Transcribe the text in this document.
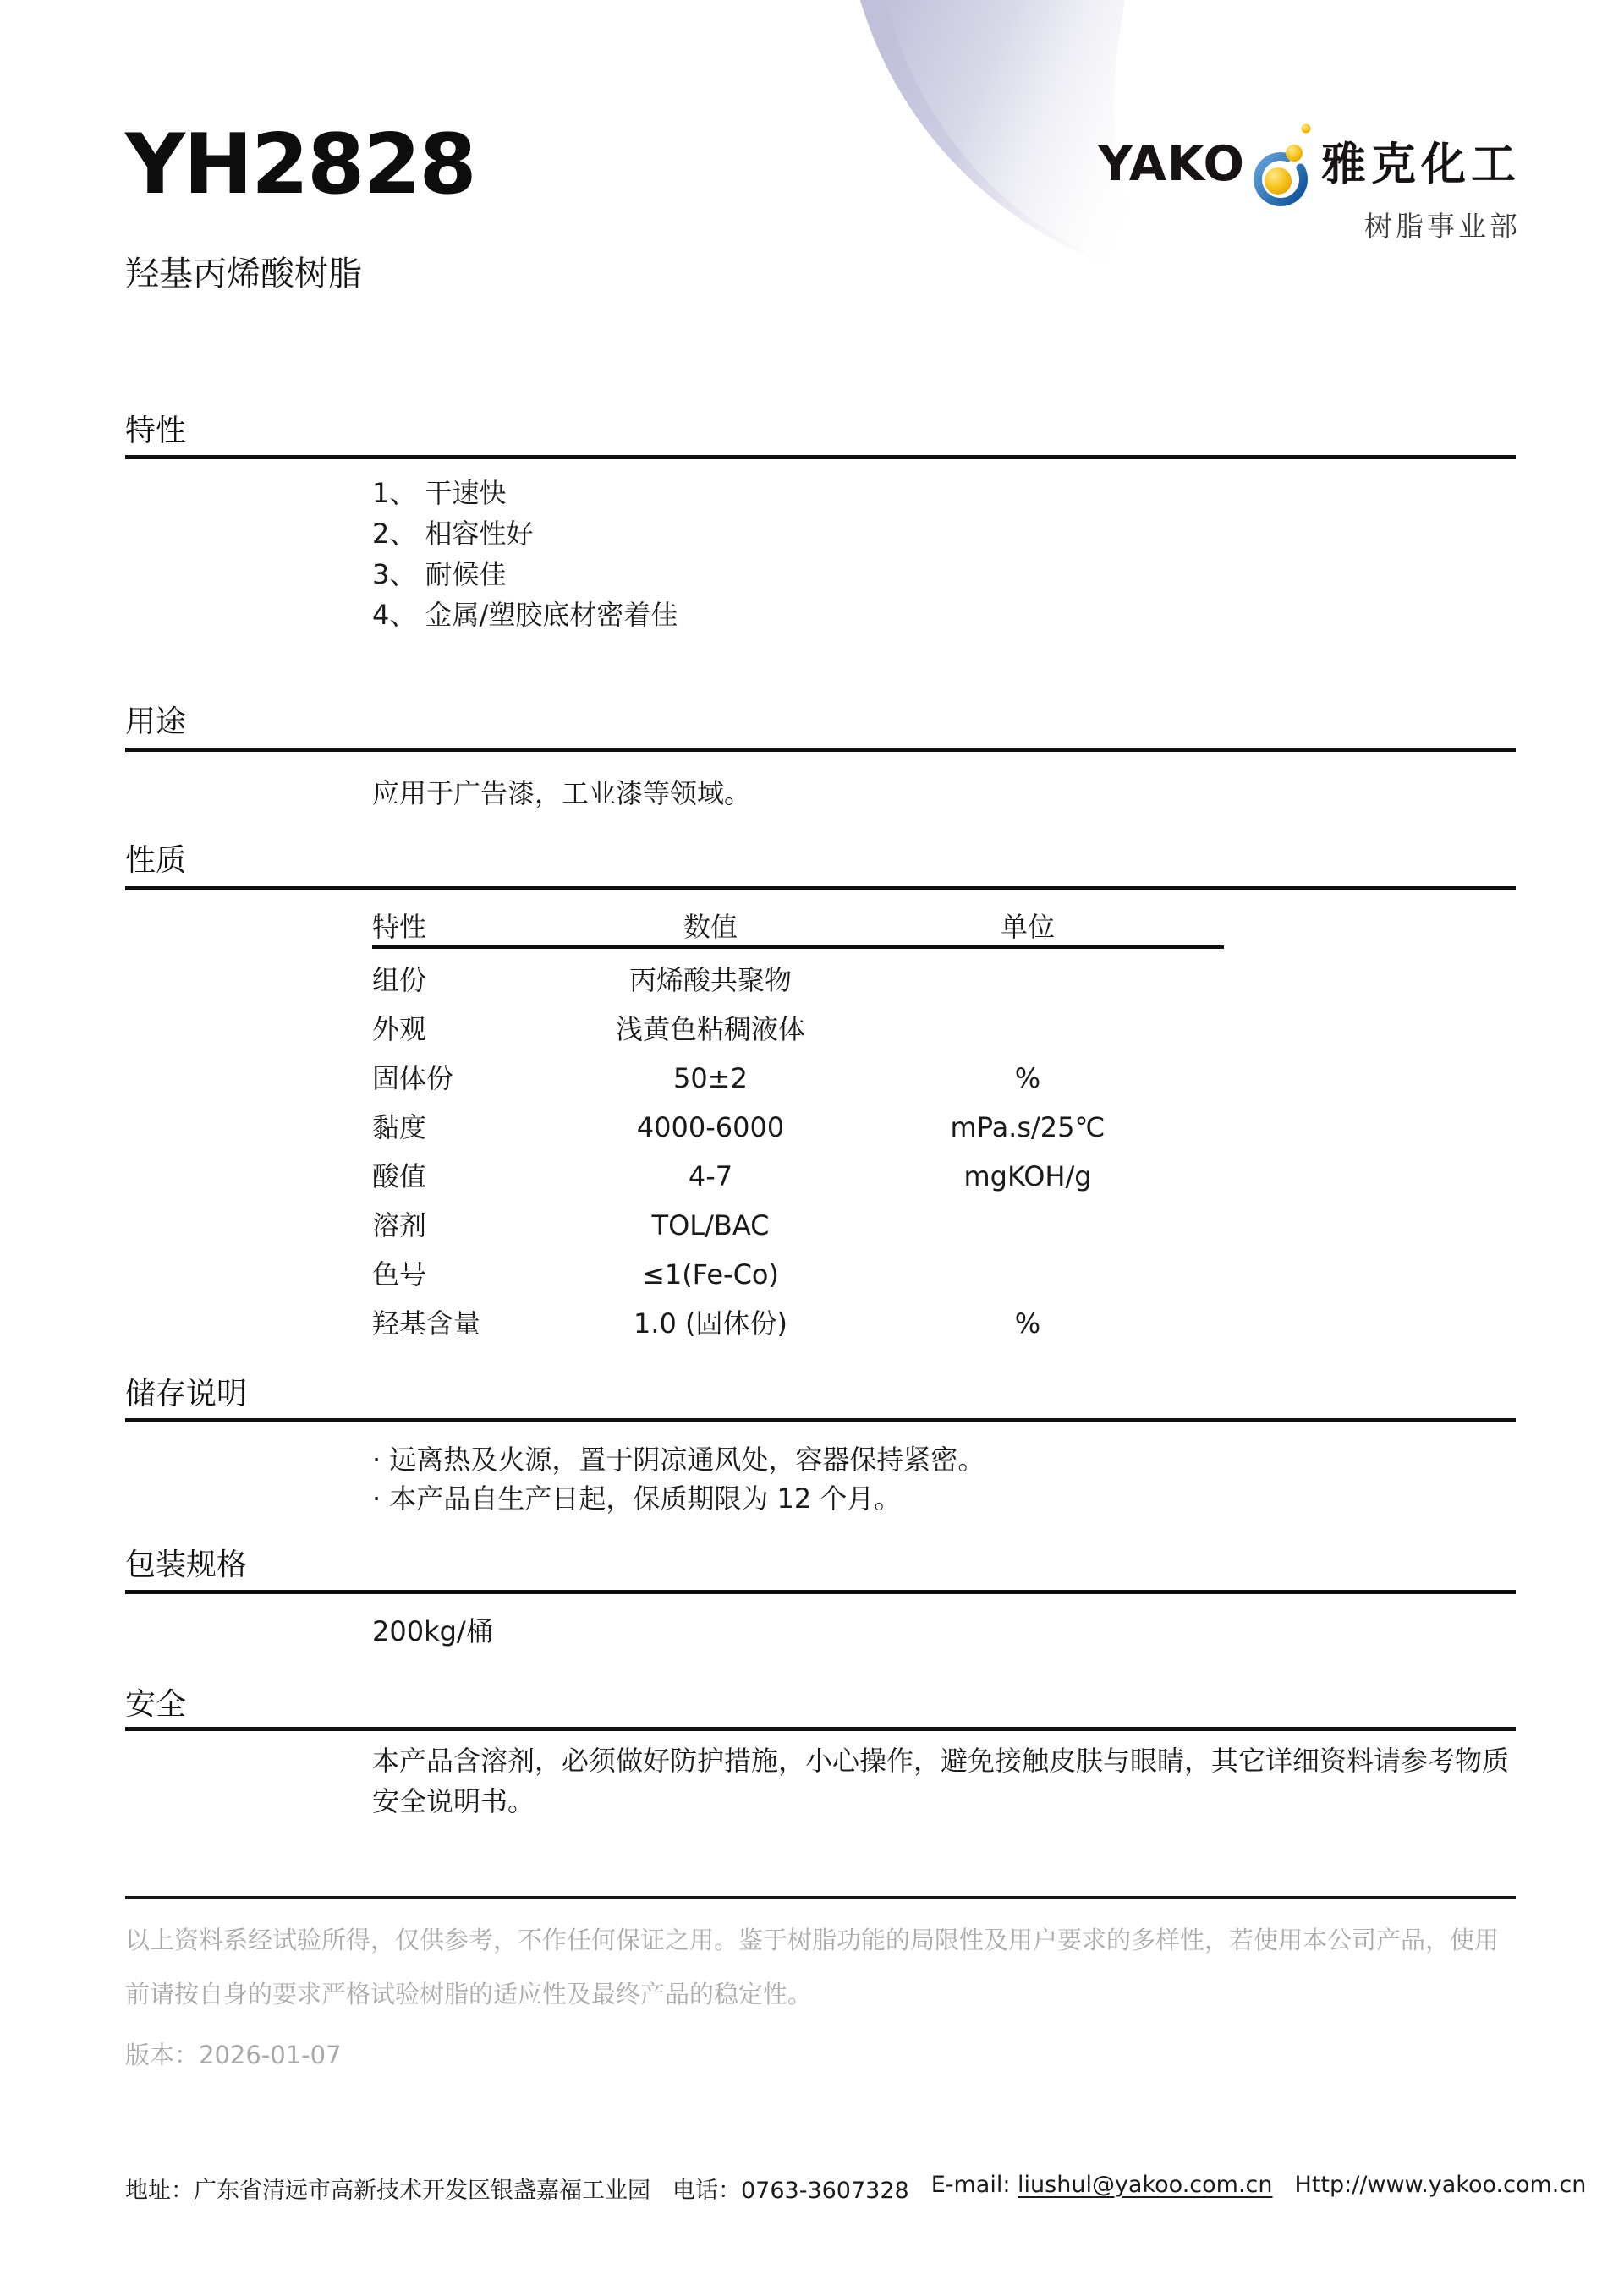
YH2828
羟基丙烯酸树脂
YAKO 雅克化工
树脂事业部
特性
1、 干速快
2、 相容性好
3、 耐候佳
4、 金属/塑胶底材密着佳
用途
应用于广告漆，工业漆等领域。
性质
特性	数值	单位
组份	丙烯酸共聚物
外观	浅黄色粘稠液体
固体份	50±2	%
黏度	4000-6000	mPa.s/25℃
酸值	4-7	mgKOH/g
溶剂	TOL/BAC
色号	≤1(Fe-Co)
羟基含量	1.0 (固体份)	%
储存说明
· 远离热及火源，置于阴凉通风处，容器保持紧密。
· 本产品自生产日起，保质期限为 12 个月。
包装规格
200kg/桶
安全
本产品含溶剂，必须做好防护措施，小心操作，避免接触皮肤与眼睛，其它详细资料请参考物质安全说明书。
以上资料系经试验所得，仅供参考，不作任何保证之用。鉴于树脂功能的局限性及用户要求的多样性，若使用本公司产品，使用前请按自身的要求严格试验树脂的适应性及最终产品的稳定性。
版本：2026-01-07
地址：广东省清远市高新技术开发区银盏嘉福工业园 电话：0763-3607328 E-mail: liushul@yakoo.com.cn Http://www.yakoo.com.cn
